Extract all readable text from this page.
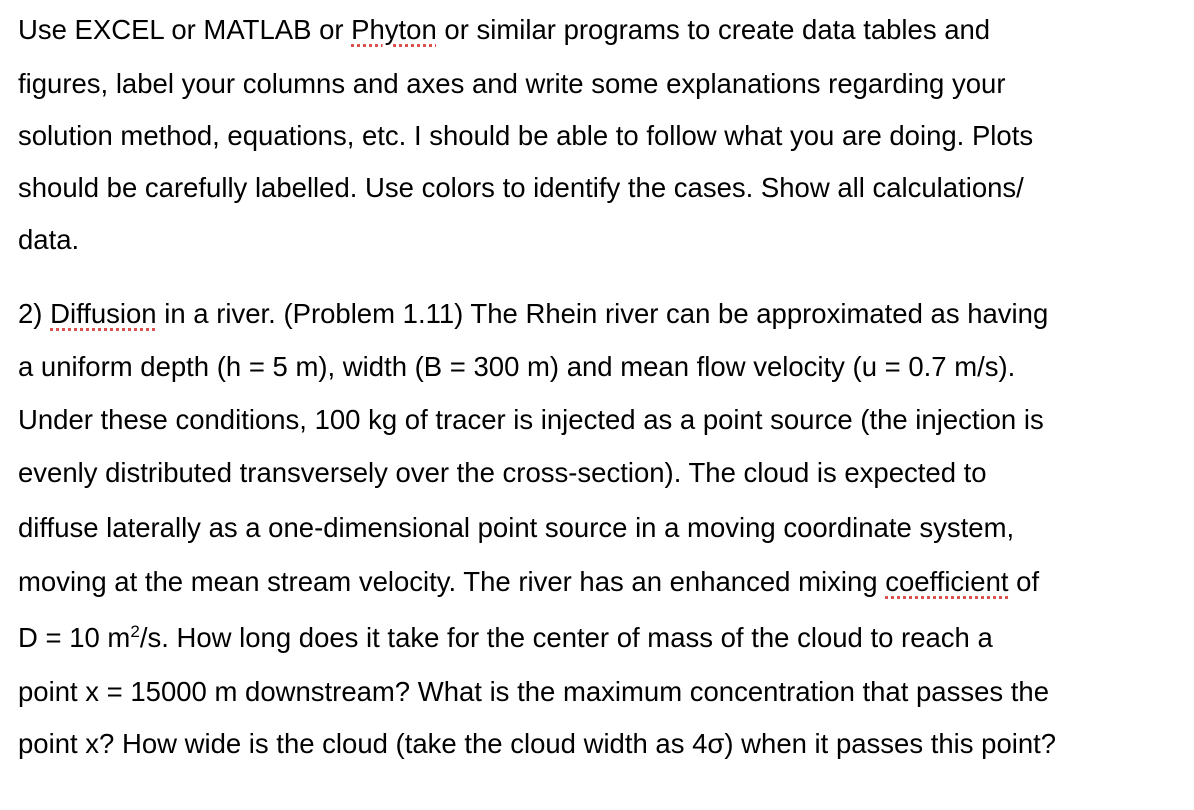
Use EXCEL or MATLAB or Phyton or similar programs to create data tables and
figures, label your columns and axes and write some explanations regarding your
solution method, equations, etc. I should be able to follow what you are doing. Plots
should be carefully labelled. Use colors to identify the cases. Show all calculations/
data.
2) Diffusion in a river. (Problem 1.11) The Rhein river can be approximated as having
a uniform depth (h = 5 m), width (B = 300 m) and mean flow velocity (u = 0.7 m/s).
Under these conditions, 100 kg of tracer is injected as a point source (the injection is
evenly distributed transversely over the cross-section). The cloud is expected to
diffuse laterally as a one-dimensional point source in a moving coordinate system,
moving at the mean stream velocity. The river has an enhanced mixing coefficient of
D = 10 $m^2/s$. How long does it take for the center of mass of the cloud to reach a
point x = 15000 m downstream? What is the maximum concentration that passes the
point x? How wide is the cloud (take the cloud width as 4σ) when it passes this point?
